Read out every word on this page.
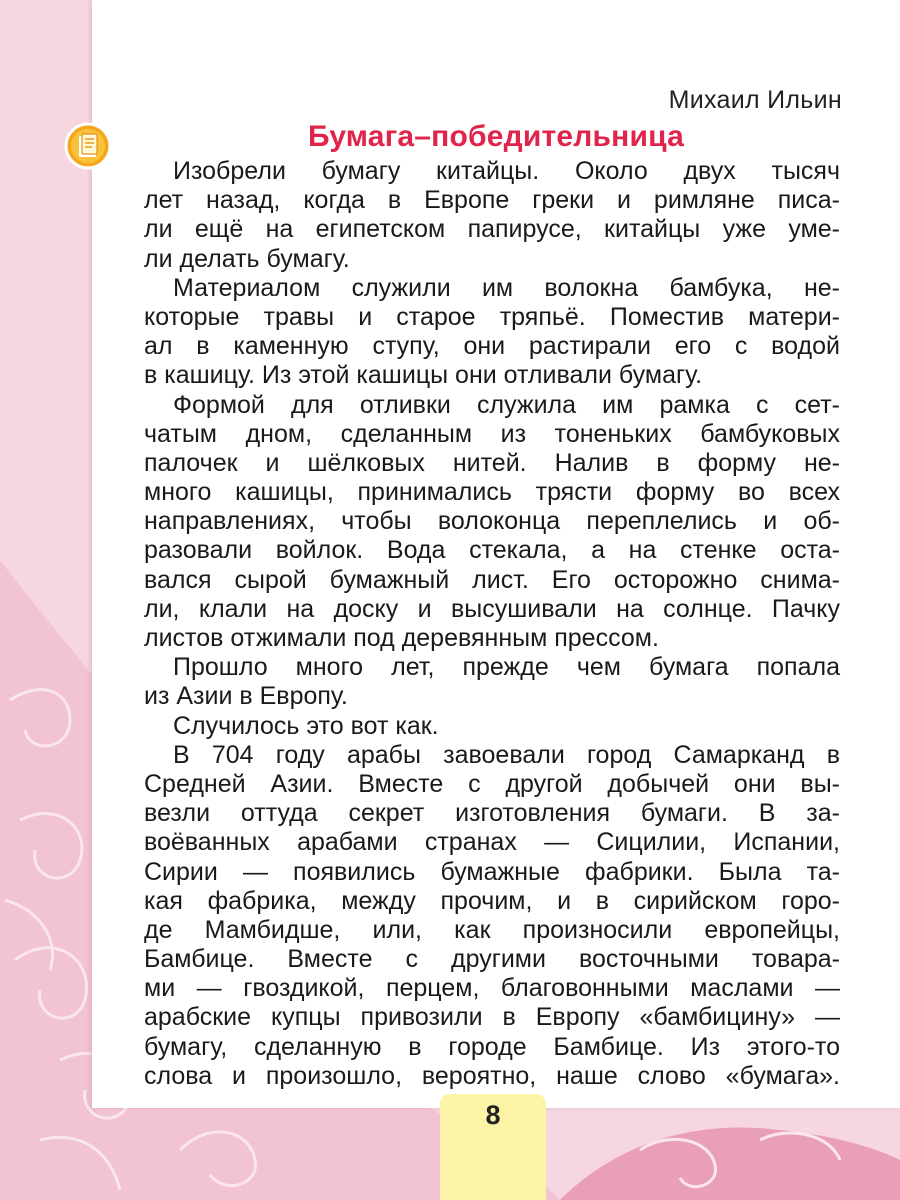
Михаил Ильин
Бумага–победительница
Изобрели бумагу китайцы. Около двух тысяч
лет назад, когда в Европе греки и римляне писа-
ли ещё на египетском папирусе, китайцы уже уме-
ли делать бумагу.
Материалом служили им волокна бамбука, не-
которые травы и старое тряпьё. Поместив матери-
ал в каменную ступу, они растирали его с водой
в кашицу. Из этой кашицы они отливали бумагу.
Формой для отливки служила им рамка с сет-
чатым дном, сделанным из тоненьких бамбуковых
палочек и шёлковых нитей. Налив в форму не-
много кашицы, принимались трясти форму во всех
направлениях, чтобы волоконца переплелись и об-
разовали войлок. Вода стекала, а на стенке оста-
вался сырой бумажный лист. Его осторожно снима-
ли, клали на доску и высушивали на солнце. Пачку
листов отжимали под деревянным прессом.
Прошло много лет, прежде чем бумага попала
из Азии в Европу.
Случилось это вот как.
В 704 году арабы завоевали город Самарканд в
Средней Азии. Вместе с другой добычей они вы-
везли оттуда секрет изготовления бумаги. В за-
воёванных арабами странах — Сицилии, Испании,
Сирии — появились бумажные фабрики. Была та-
кая фабрика, между прочим, и в сирийском горо-
де Мамбидше, или, как произносили европейцы,
Бамбице. Вместе с другими восточными товара-
ми — гвоздикой, перцем, благовонными маслами —
арабские купцы привозили в Европу «бамбицину» —
бумагу, сделанную в городе Бамбице. Из этого-то
слова и произошло, вероятно, наше слово «бумага».
8
